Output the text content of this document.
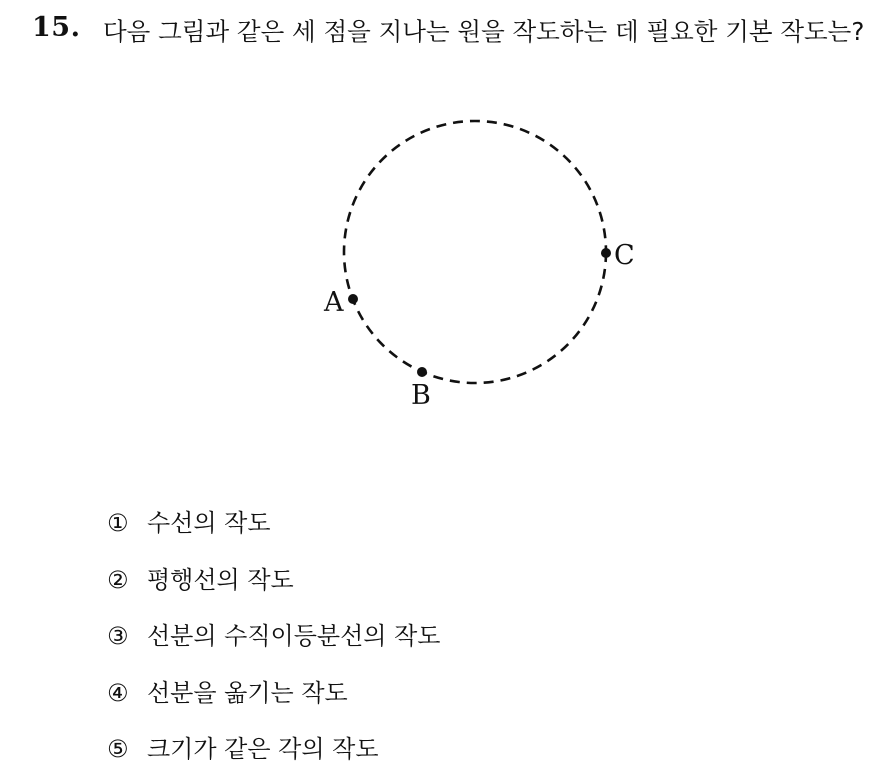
15. 다음 그림과 같은 세 점을 지나는 원을 작도하는 데 필요한 기본 작도는?
A
B
C
① 수선의 작도
② 평행선의 작도
③ 선분의 수직이등분선의 작도
④ 선분을 옮기는 작도
⑤ 크기가 같은 각의 작도
